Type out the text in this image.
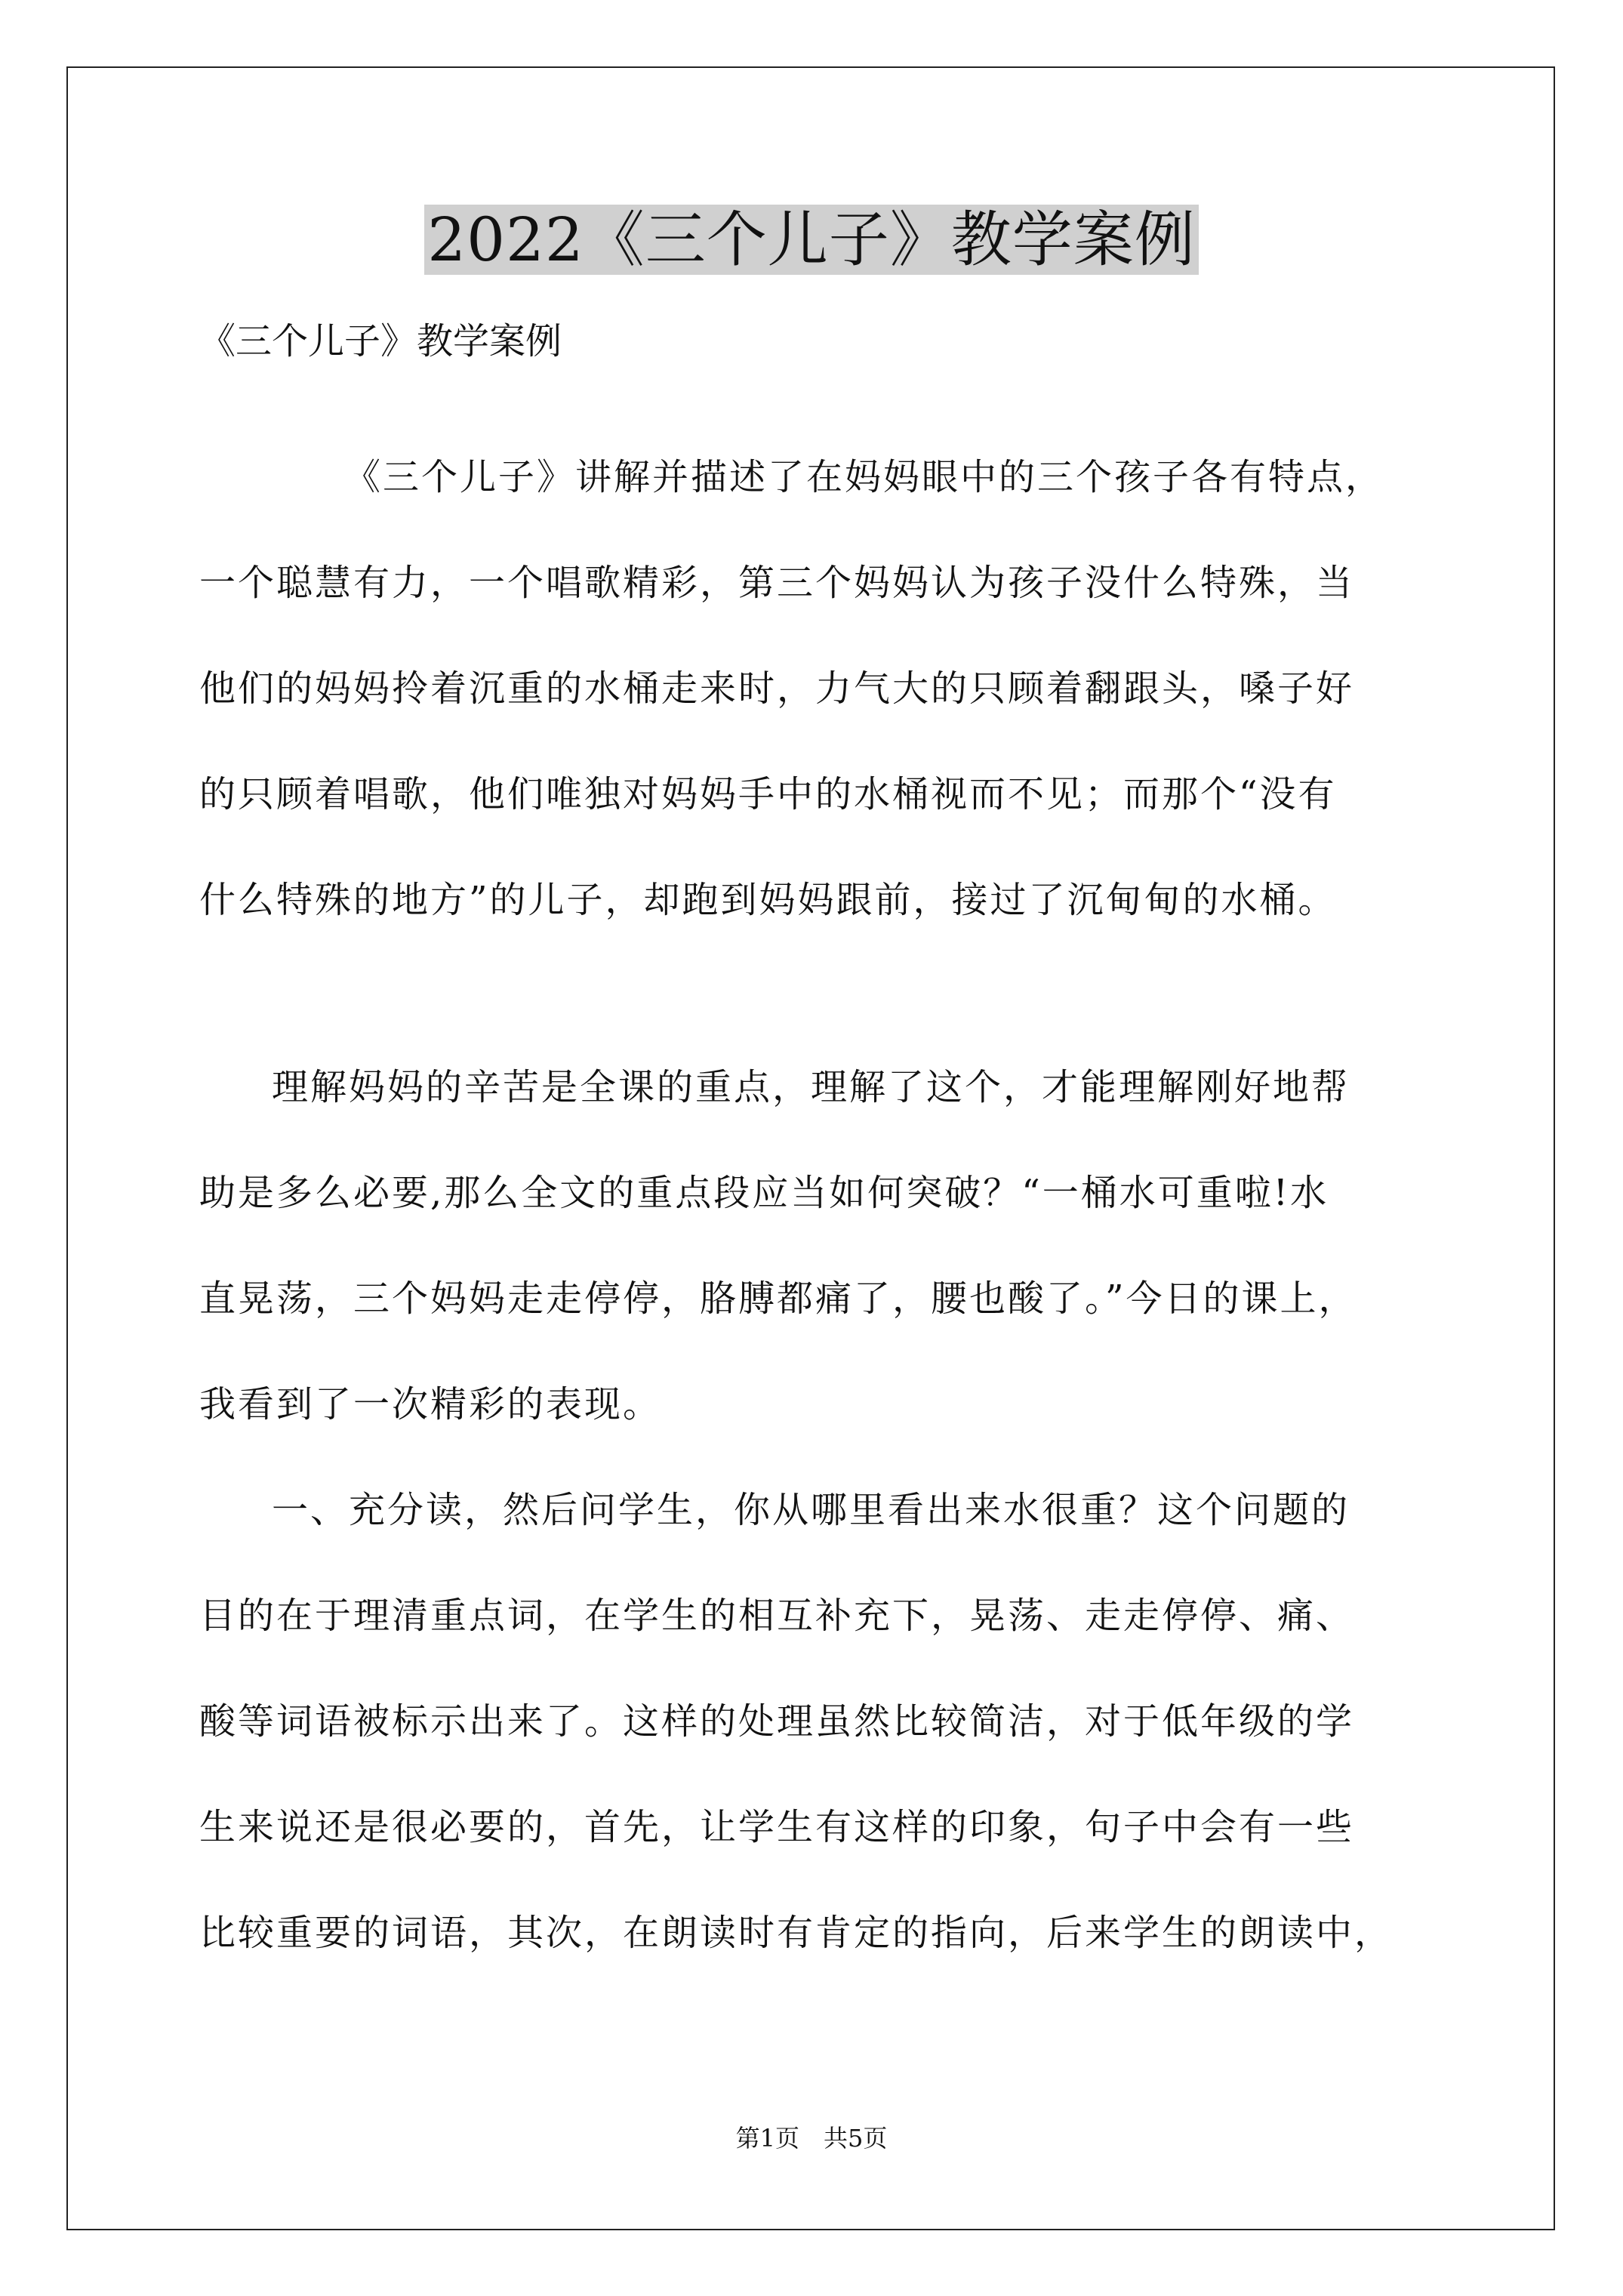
2022《三个儿子》教学案例
《三个儿子》教学案例
《三个儿子》讲解并描述了在妈妈眼中的三个孩子各有特点，
一个聪慧有力，一个唱歌精彩，第三个妈妈认为孩子没什么特殊，当
他们的妈妈拎着沉重的水桶走来时，力气大的只顾着翻跟头，嗓子好
的只顾着唱歌，他们唯独对妈妈手中的水桶视而不见；而那个“没有
什么特殊的地方”的儿子，却跑到妈妈跟前，接过了沉甸甸的水桶。
理解妈妈的辛苦是全课的重点，理解了这个，才能理解刚好地帮
助是多么必要,那么全文的重点段应当如何突破？“一桶水可重啦!水
直晃荡，三个妈妈走走停停，胳膊都痛了，腰也酸了。”今日的课上，
我看到了一次精彩的表现。
一、充分读，然后问学生，你从哪里看出来水很重？这个问题的
目的在于理清重点词，在学生的相互补充下，晃荡、走走停停、痛、
酸等词语被标示出来了。这样的处理虽然比较简洁，对于低年级的学
生来说还是很必要的，首先，让学生有这样的印象，句子中会有一些
比较重要的词语，其次，在朗读时有肯定的指向，后来学生的朗读中，
第1页　共5页
